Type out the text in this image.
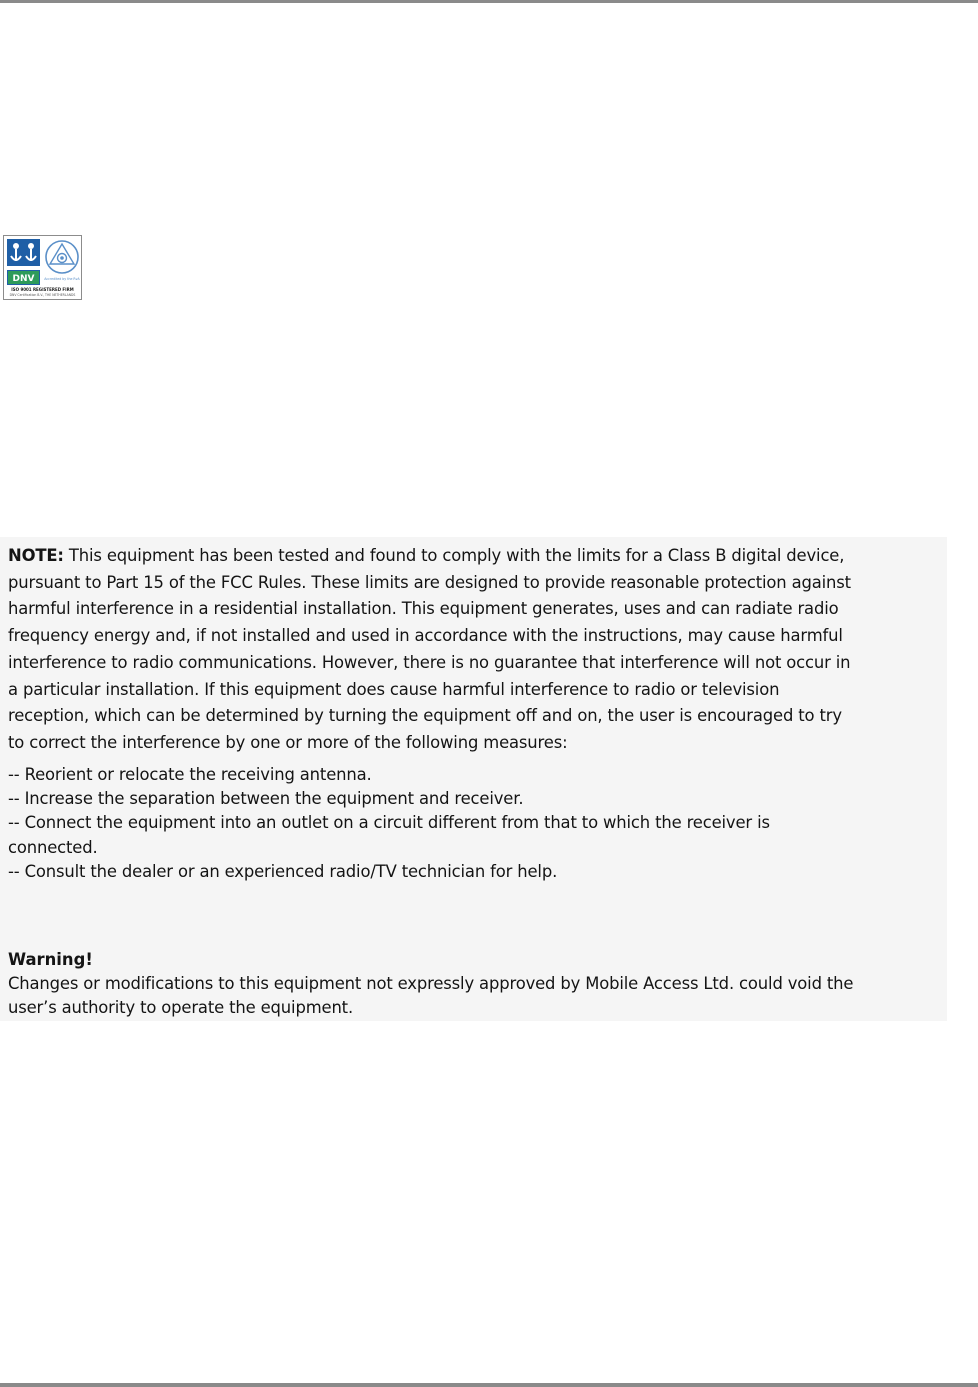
DNV	Accredited by the RvA
ISO 9001 REGISTERED FIRM
DNV Certification B.V., THE NETHERLANDS
NOTE: This equipment has been tested and found to comply with the limits for a Class B digital device,
pursuant to Part 15 of the FCC Rules. These limits are designed to provide reasonable protection against
harmful interference in a residential installation. This equipment generates, uses and can radiate radio
frequency energy and, if not installed and used in accordance with the instructions, may cause harmful
interference to radio communications. However, there is no guarantee that interference will not occur in
a particular installation. If this equipment does cause harmful interference to radio or television
reception, which can be determined by turning the equipment off and on, the user is encouraged to try
to correct the interference by one or more of the following measures:
-- Reorient or relocate the receiving antenna.
-- Increase the separation between the equipment and receiver.
-- Connect the equipment into an outlet on a circuit different from that to which the receiver is
connected.
-- Consult the dealer or an experienced radio/TV technician for help.
Warning!
Changes or modifications to this equipment not expressly approved by Mobile Access Ltd. could void the
user’s authority to operate the equipment.
